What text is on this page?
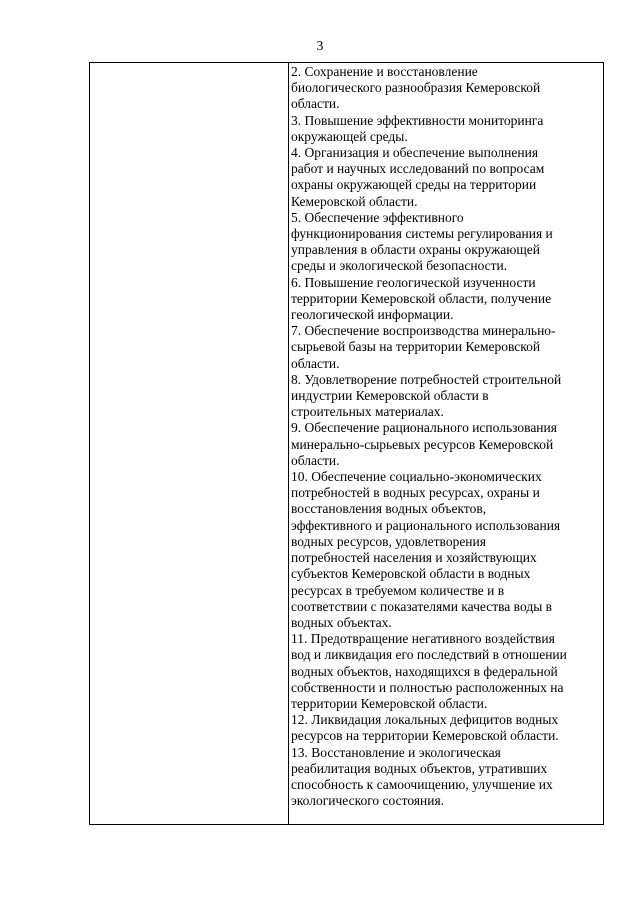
3
2. Сохранение и восстановление
биологического разнообразия Кемеровской
области.
3. Повышение эффективности мониторинга
окружающей среды.
4. Организация и обеспечение выполнения
работ и научных исследований по вопросам
охраны окружающей среды на территории
Кемеровской области.
5. Обеспечение эффективного
функционирования системы регулирования и
управления в области охраны окружающей
среды и экологической безопасности.
6. Повышение геологической изученности
территории Кемеровской области, получение
геологической информации.
7. Обеспечение воспроизводства минерально-
сырьевой базы на территории Кемеровской
области.
8. Удовлетворение потребностей строительной
индустрии Кемеровской области в
строительных материалах.
9. Обеспечение рационального использования
минерально-сырьевых ресурсов Кемеровской
области.
10. Обеспечение социально-экономических
потребностей в водных ресурсах, охраны и
восстановления водных объектов,
эффективного и рационального использования
водных ресурсов, удовлетворения
потребностей населения и хозяйствующих
субъектов Кемеровской области в водных
ресурсах в требуемом количестве и в
соответствии с показателями качества воды в
водных объектах.
11. Предотвращение негативного воздействия
вод и ликвидация его последствий в отношении
водных объектов, находящихся в федеральной
собственности и полностью расположенных на
территории Кемеровской области.
12. Ликвидация локальных дефицитов водных
ресурсов на территории Кемеровской области.
13. Восстановление и экологическая
реабилитация водных объектов, утративших
способность к самоочищению, улучшение их
экологического состояния.
